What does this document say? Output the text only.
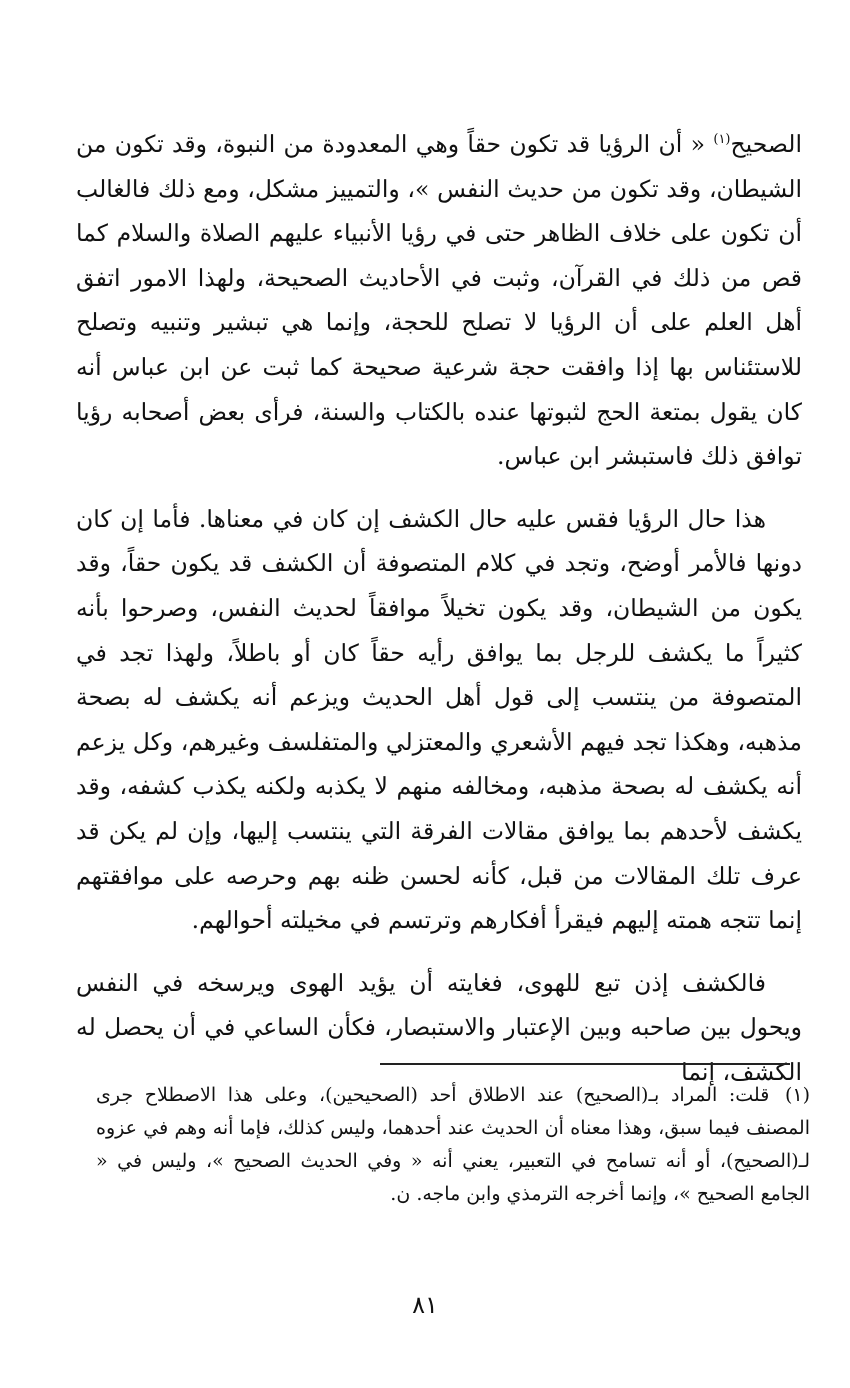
الصحيح$^{(١)}$ « أن الرؤيا قد تكون حقاً وهي المعدودة من النبوة، وقد تكون من الشيطان، وقد تكون من حديث النفس »، والتمييز مشكل، ومع ذلك فالغالب أن تكون على خلاف الظاهر حتى في رؤيا الأنبياء عليهم الصلاة والسلام كما قص من ذلك في القرآن، وثبت في الأحاديث الصحيحة، ولهذا الامور اتفق أهل العلم على أن الرؤيا لا تصلح للحجة، وإنما هي تبشير وتنبيه وتصلح للاستئناس بها إذا وافقت حجة شرعية صحيحة كما ثبت عن ابن عباس أنه كان يقول بمتعة الحج لثبوتها عنده بالكتاب والسنة، فرأى بعض أصحابه رؤيا توافق ذلك فاستبشر ابن عباس.

هذا حال الرؤيا فقس عليه حال الكشف إن كان في معناها. فأما إن كان دونها فالأمر أوضح، وتجد في كلام المتصوفة أن الكشف قد يكون حقاً، وقد يكون من الشيطان، وقد يكون تخيلاً موافقاً لحديث النفس، وصرحوا بأنه كثيراً ما يكشف للرجل بما يوافق رأيه حقاً كان أو باطلاً، ولهذا تجد في المتصوفة من ينتسب إلى قول أهل الحديث ويزعم أنه يكشف له بصحة مذهبه، وهكذا تجد فيهم الأشعري والمعتزلي والمتفلسف وغيرهم، وكل يزعم أنه يكشف له بصحة مذهبه، ومخالفه منهم لا يكذبه ولكنه يكذب كشفه، وقد يكشف لأحدهم بما يوافق مقالات الفرقة التي ينتسب إليها، وإن لم يكن قد عرف تلك المقالات من قبل، كأنه لحسن ظنه بهم وحرصه على موافقتهم إنما تتجه همته إليهم فيقرأ أفكارهم وترتسم في مخيلته أحوالهم.

فالكشف إذن تبع للهوى، فغايته أن يؤيد الهوى ويرسخه في النفس ويحول بين صاحبه وبين الإعتبار والاستبصار، فكأن الساعي في أن يحصل له الكشف، إنما

(١) قلت: المراد بـ(الصحيح) عند الاطلاق أحد (الصحيحين)، وعلى هذا الاصطلاح جرى المصنف فيما سبق، وهذا معناه أن الحديث عند أحدهما، وليس كذلك، فإما أنه وهم في عزوه لـ(الصحيح)، أو أنه تسامح في التعبير، يعني أنه « وفي الحديث الصحيح »، وليس في « الجامع الصحيح »، وإنما أخرجه الترمذي وابن ماجه. ن.
٨١
